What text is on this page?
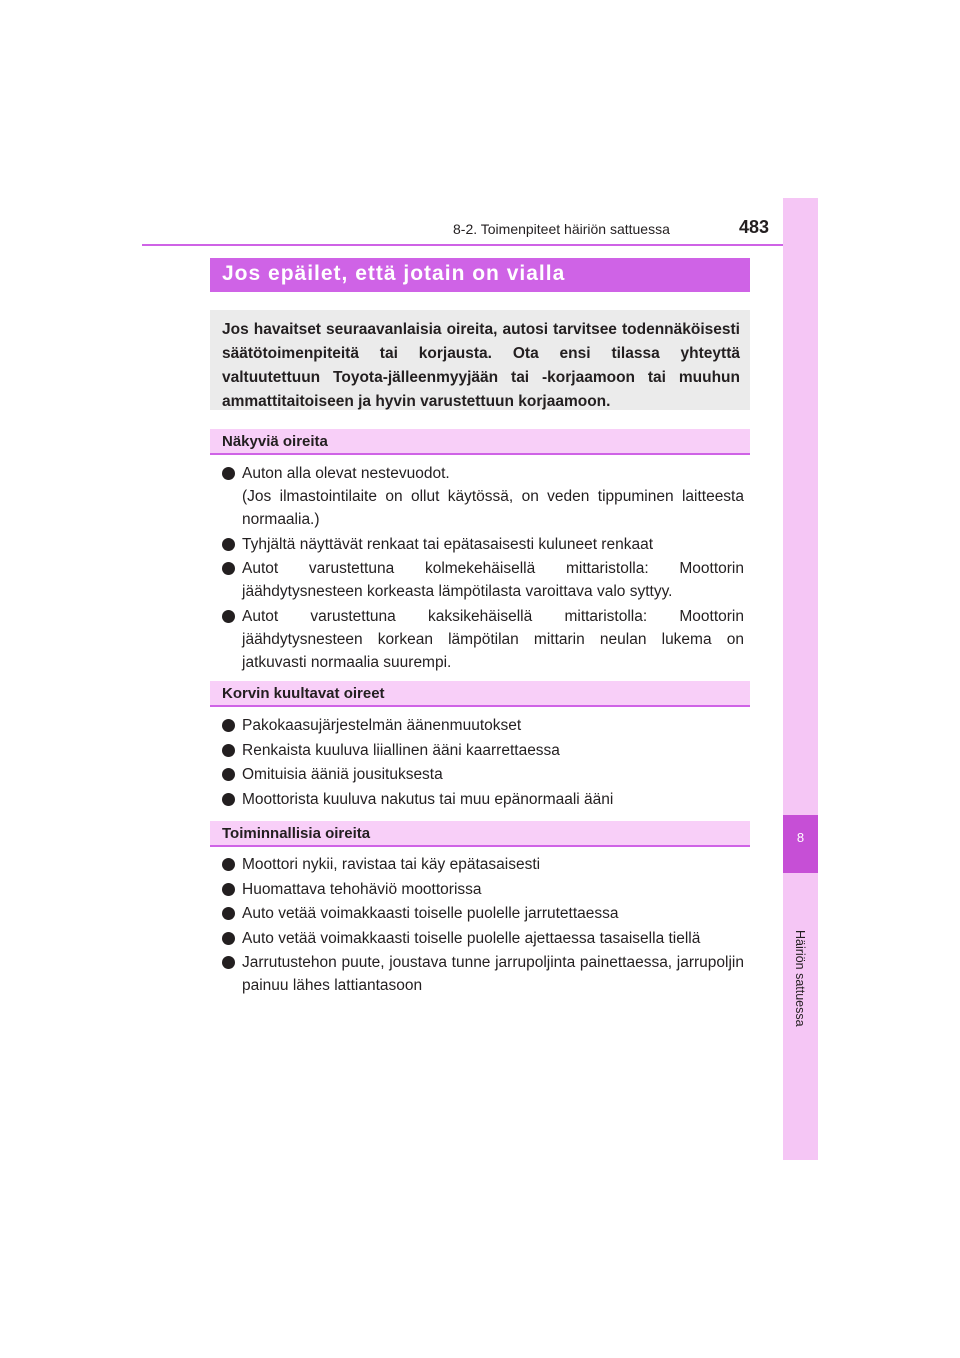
8-2. Toimenpiteet häiriön sattuessa	483
8
Häiriön sattuessa
Jos epäilet, että jotain on vialla
Jos havaitset seuraavanlaisia oireita, autosi tarvitsee todennäköisesti säätötoimenpiteitä tai korjausta. Ota ensi tilassa yhteyttä valtuutettuun Toyota-jälleenmyyjään tai -korjaamoon tai muuhun ammattitaitoiseen ja hyvin varustettuun korjaamoon.
Näkyviä oireita
Auton alla olevat nestevuodot.
(Jos ilmastointilaite on ollut käytössä, on veden tippuminen laitteesta normaalia.)
Tyhjältä näyttävät renkaat tai epätasaisesti kuluneet renkaat
Autot varustettuna kolmekehäisellä mittaristolla: Moottorin jäähdytysnesteen korkeasta lämpötilasta varoittava valo syttyy.
Autot varustettuna kaksikehäisellä mittaristolla: Moottorin jäähdytysnesteen korkean lämpötilan mittarin neulan lukema on jatkuvasti normaalia suurempi.
Korvin kuultavat oireet
Pakokaasujärjestelmän äänenmuutokset
Renkaista kuuluva liiallinen ääni kaarrettaessa
Omituisia ääniä jousituksesta
Moottorista kuuluva nakutus tai muu epänormaali ääni
Toiminnallisia oireita
Moottori nykii, ravistaa tai käy epätasaisesti
Huomattava tehohäviö moottorissa
Auto vetää voimakkaasti toiselle puolelle jarrutettaessa
Auto vetää voimakkaasti toiselle puolelle ajettaessa tasaisella tiellä
Jarrutustehon puute, joustava tunne jarrupoljinta painettaessa, jarrupoljin painuu lähes lattiantasoon
